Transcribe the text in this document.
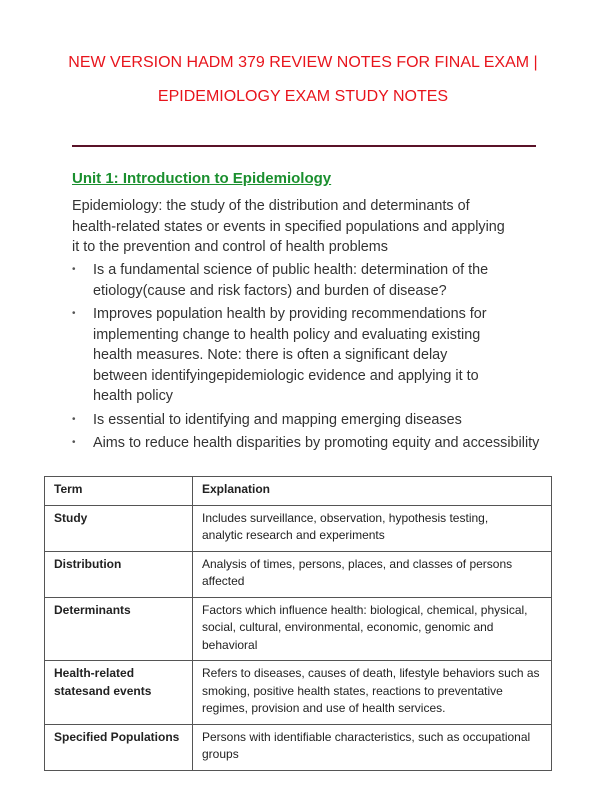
NEW VERSION HADM 379 REVIEW NOTES FOR FINAL EXAM |
EPIDEMIOLOGY EXAM STUDY NOTES
Unit 1: Introduction to Epidemiology
Epidemiology: the study of the distribution and determinants of
health-related states or events in specified populations and applying
it to the prevention and control of health problems
• Is a fundamental science of public health: determination of the
etiology(cause and risk factors) and burden of disease?
• Improves population health by providing recommendations for
implementing change to health policy and evaluating existing
health measures. Note: there is often a significant delay
between identifyingepidemiologic evidence and applying it to
health policy
• Is essential to identifying and mapping emerging diseases
• Aims to reduce health disparities by promoting equity and accessibility
Term	Explanation

Study	Includes surveillance, observation, hypothesis testing,
analytic research and experiments

Distribution	Analysis of times, persons, places, and classes of persons
affected

Determinants	Factors which influence health: biological, chemical, physical,
social, cultural, environmental, economic, genomic and
behavioral

Health-related
statesand events	Refers to diseases, causes of death, lifestyle behaviors such as
smoking, positive health states, reactions to preventative
regimes, provision and use of health services.

Specified Populations	Persons with identifiable characteristics, such as occupational
groups
